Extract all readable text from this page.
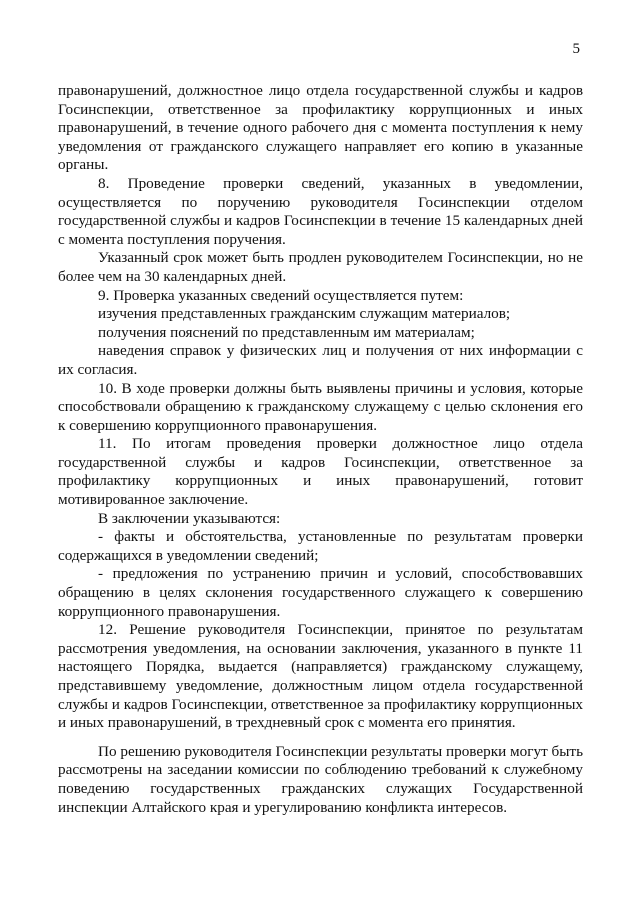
5

правонарушений, должностное лицо отдела государственной службы и кадров Госинспекции, ответственное за профилактику коррупционных и иных правонарушений, в течение одного рабочего дня с момента поступления к нему уведомления от гражданского служащего направляет его копию в указанные органы.

8. Проведение проверки сведений, указанных в уведомлении, осуществляется по поручению руководителя Госинспекции отделом государственной службы и кадров Госинспекции в течение 15 календарных дней с момента поступления поручения.

Указанный срок может быть продлен руководителем Госинспекции, но не более чем на 30 календарных дней.

9. Проверка указанных сведений осуществляется путем:

изучения представленных гражданским служащим материалов;

получения пояснений по представленным им материалам;

наведения справок у физических лиц и получения от них информации с их согласия.

10. В ходе проверки должны быть выявлены причины и условия, которые способствовали обращению к гражданскому служащему с целью склонения его к совершению коррупционного правонарушения.

11. По итогам проведения проверки должностное лицо отдела государственной службы и кадров Госинспекции, ответственное за профилактику коррупционных и иных правонарушений, готовит мотивированное заключение.

В заключении указываются:

- факты и обстоятельства, установленные по результатам проверки содержащихся в уведомлении сведений;

- предложения по устранению причин и условий, способствовавших обращению в целях склонения государственного служащего к совершению коррупционного правонарушения.

12. Решение руководителя Госинспекции, принятое по результатам рассмотрения уведомления, на основании заключения, указанного в пункте 11 настоящего Порядка, выдается (направляется) гражданскому служащему, представившему уведомление, должностным лицом отдела государственной службы и кадров Госинспекции, ответственное за профилактику коррупционных и иных правонарушений, в трехдневный срок с момента его принятия.

По решению руководителя Госинспекции результаты проверки могут быть рассмотрены на заседании комиссии по соблюдению требований к служебному поведению государственных гражданских служащих Государственной инспекции Алтайского края и урегулированию конфликта интересов.
